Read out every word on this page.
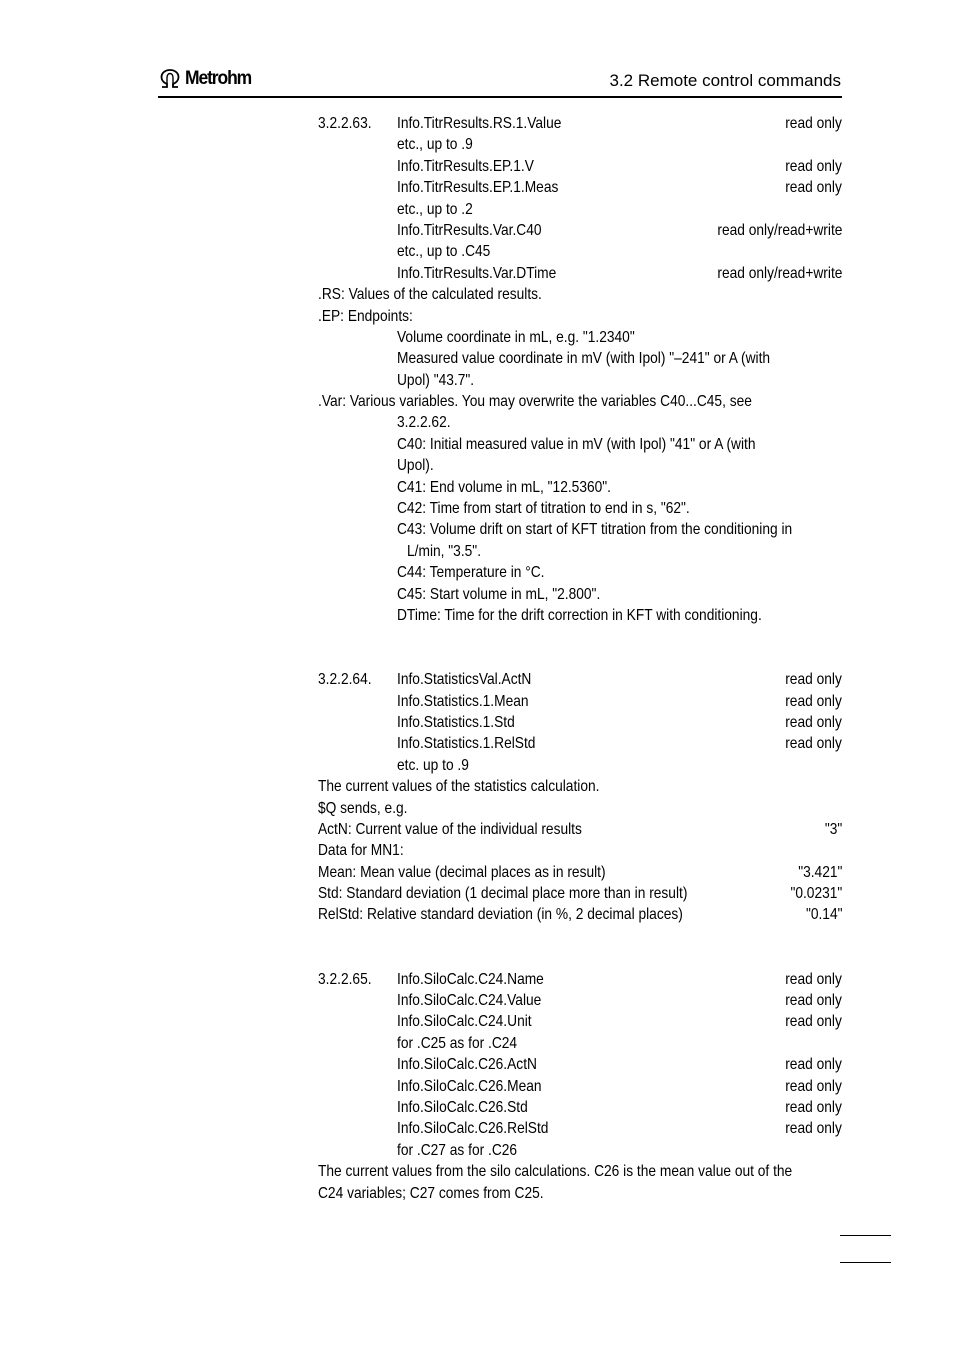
Metrohm	3.2 Remote control commands
3.2.2.63.	Info.TitrResults.RS.1.Value	read only
etc., up to .9
Info.TitrResults.EP.1.V	read only
Info.TitrResults.EP.1.Meas	read only
etc., up to .2
Info.TitrResults.Var.C40	read only/read+write
etc., up to .C45
Info.TitrResults.Var.DTime	read only/read+write
.RS: Values of the calculated results.
.EP: Endpoints:
Volume coordinate in mL, e.g. "1.2340"
Measured value coordinate in mV (with Ipol) "–241" or A (with
Upol) "43.7".
.Var: Various variables. You may overwrite the variables C40...C45, see
3.2.2.62.
C40: Initial measured value in mV (with Ipol) "41" or A (with
Upol).
C41: End volume in mL, "12.5360".
C42: Time from start of titration to end in s, "62".
C43: Volume drift on start of KFT titration from the conditioning in
L/min, "3.5".
C44: Temperature in °C.
C45: Start volume in mL, "2.800".
DTime: Time for the drift correction in KFT with conditioning.
3.2.2.64.	Info.StatisticsVal.ActN	read only
Info.Statistics.1.Mean	read only
Info.Statistics.1.Std	read only
Info.Statistics.1.RelStd	read only
etc. up to .9
The current values of the statistics calculation.
$Q sends, e.g.
ActN: Current value of the individual results	"3"
Data for MN1:
Mean: Mean value (decimal places as in result)	"3.421"
Std: Standard deviation (1 decimal place more than in result)	"0.0231"
RelStd: Relative standard deviation (in %, 2 decimal places)	"0.14"
3.2.2.65.	Info.SiloCalc.C24.Name	read only
Info.SiloCalc.C24.Value	read only
Info.SiloCalc.C24.Unit	read only
for .C25 as for .C24
Info.SiloCalc.C26.ActN	read only
Info.SiloCalc.C26.Mean	read only
Info.SiloCalc.C26.Std	read only
Info.SiloCalc.C26.RelStd	read only
for .C27 as for .C26
The current values from the silo calculations. C26 is the mean value out of the
C24 variables; C27 comes from C25.
